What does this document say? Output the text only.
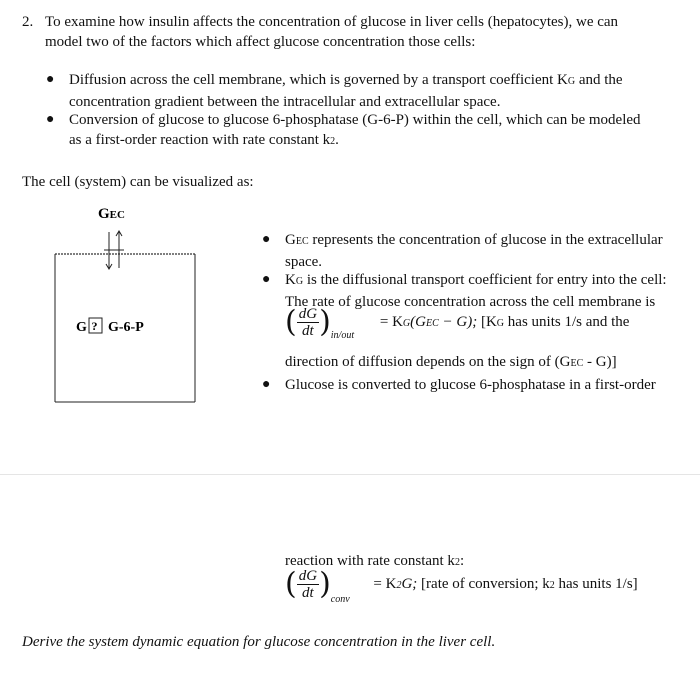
2. To examine how insulin affects the concentration of glucose in liver cells (hepatocytes), we can
model two of the factors which affect glucose concentration those cells:
● Diffusion across the cell membrane, which is governed by a transport coefficient KG and the
concentration gradient between the intracellular and extracellular space.
● Conversion of glucose to glucose 6-phosphatase (G-6-P) within the cell, which can be modeled
as a first-order reaction with rate constant k2.
The cell (system) can be visualized as:
GEC
G ? G-6-P
● GEC represents the concentration of glucose in the extracellular
space.
● KG is the diffusional transport coefficient for entry into the cell:
The rate of glucose concentration across the cell membrane is
( $\frac{dG}{dt} )_{in/out} = KG(GEC - G)$; [KG has units 1/s and the
direction of diffusion depends on the sign of (GEC - G)]
● Glucose is converted to glucose 6-phosphatase in a first-order
reaction with rate constant k2:
( $\frac{dG}{dt} )_{conv} = K2G$; [rate of conversion; k2 has units 1/s]
Derive the system dynamic equation for glucose concentration in the liver cell.
